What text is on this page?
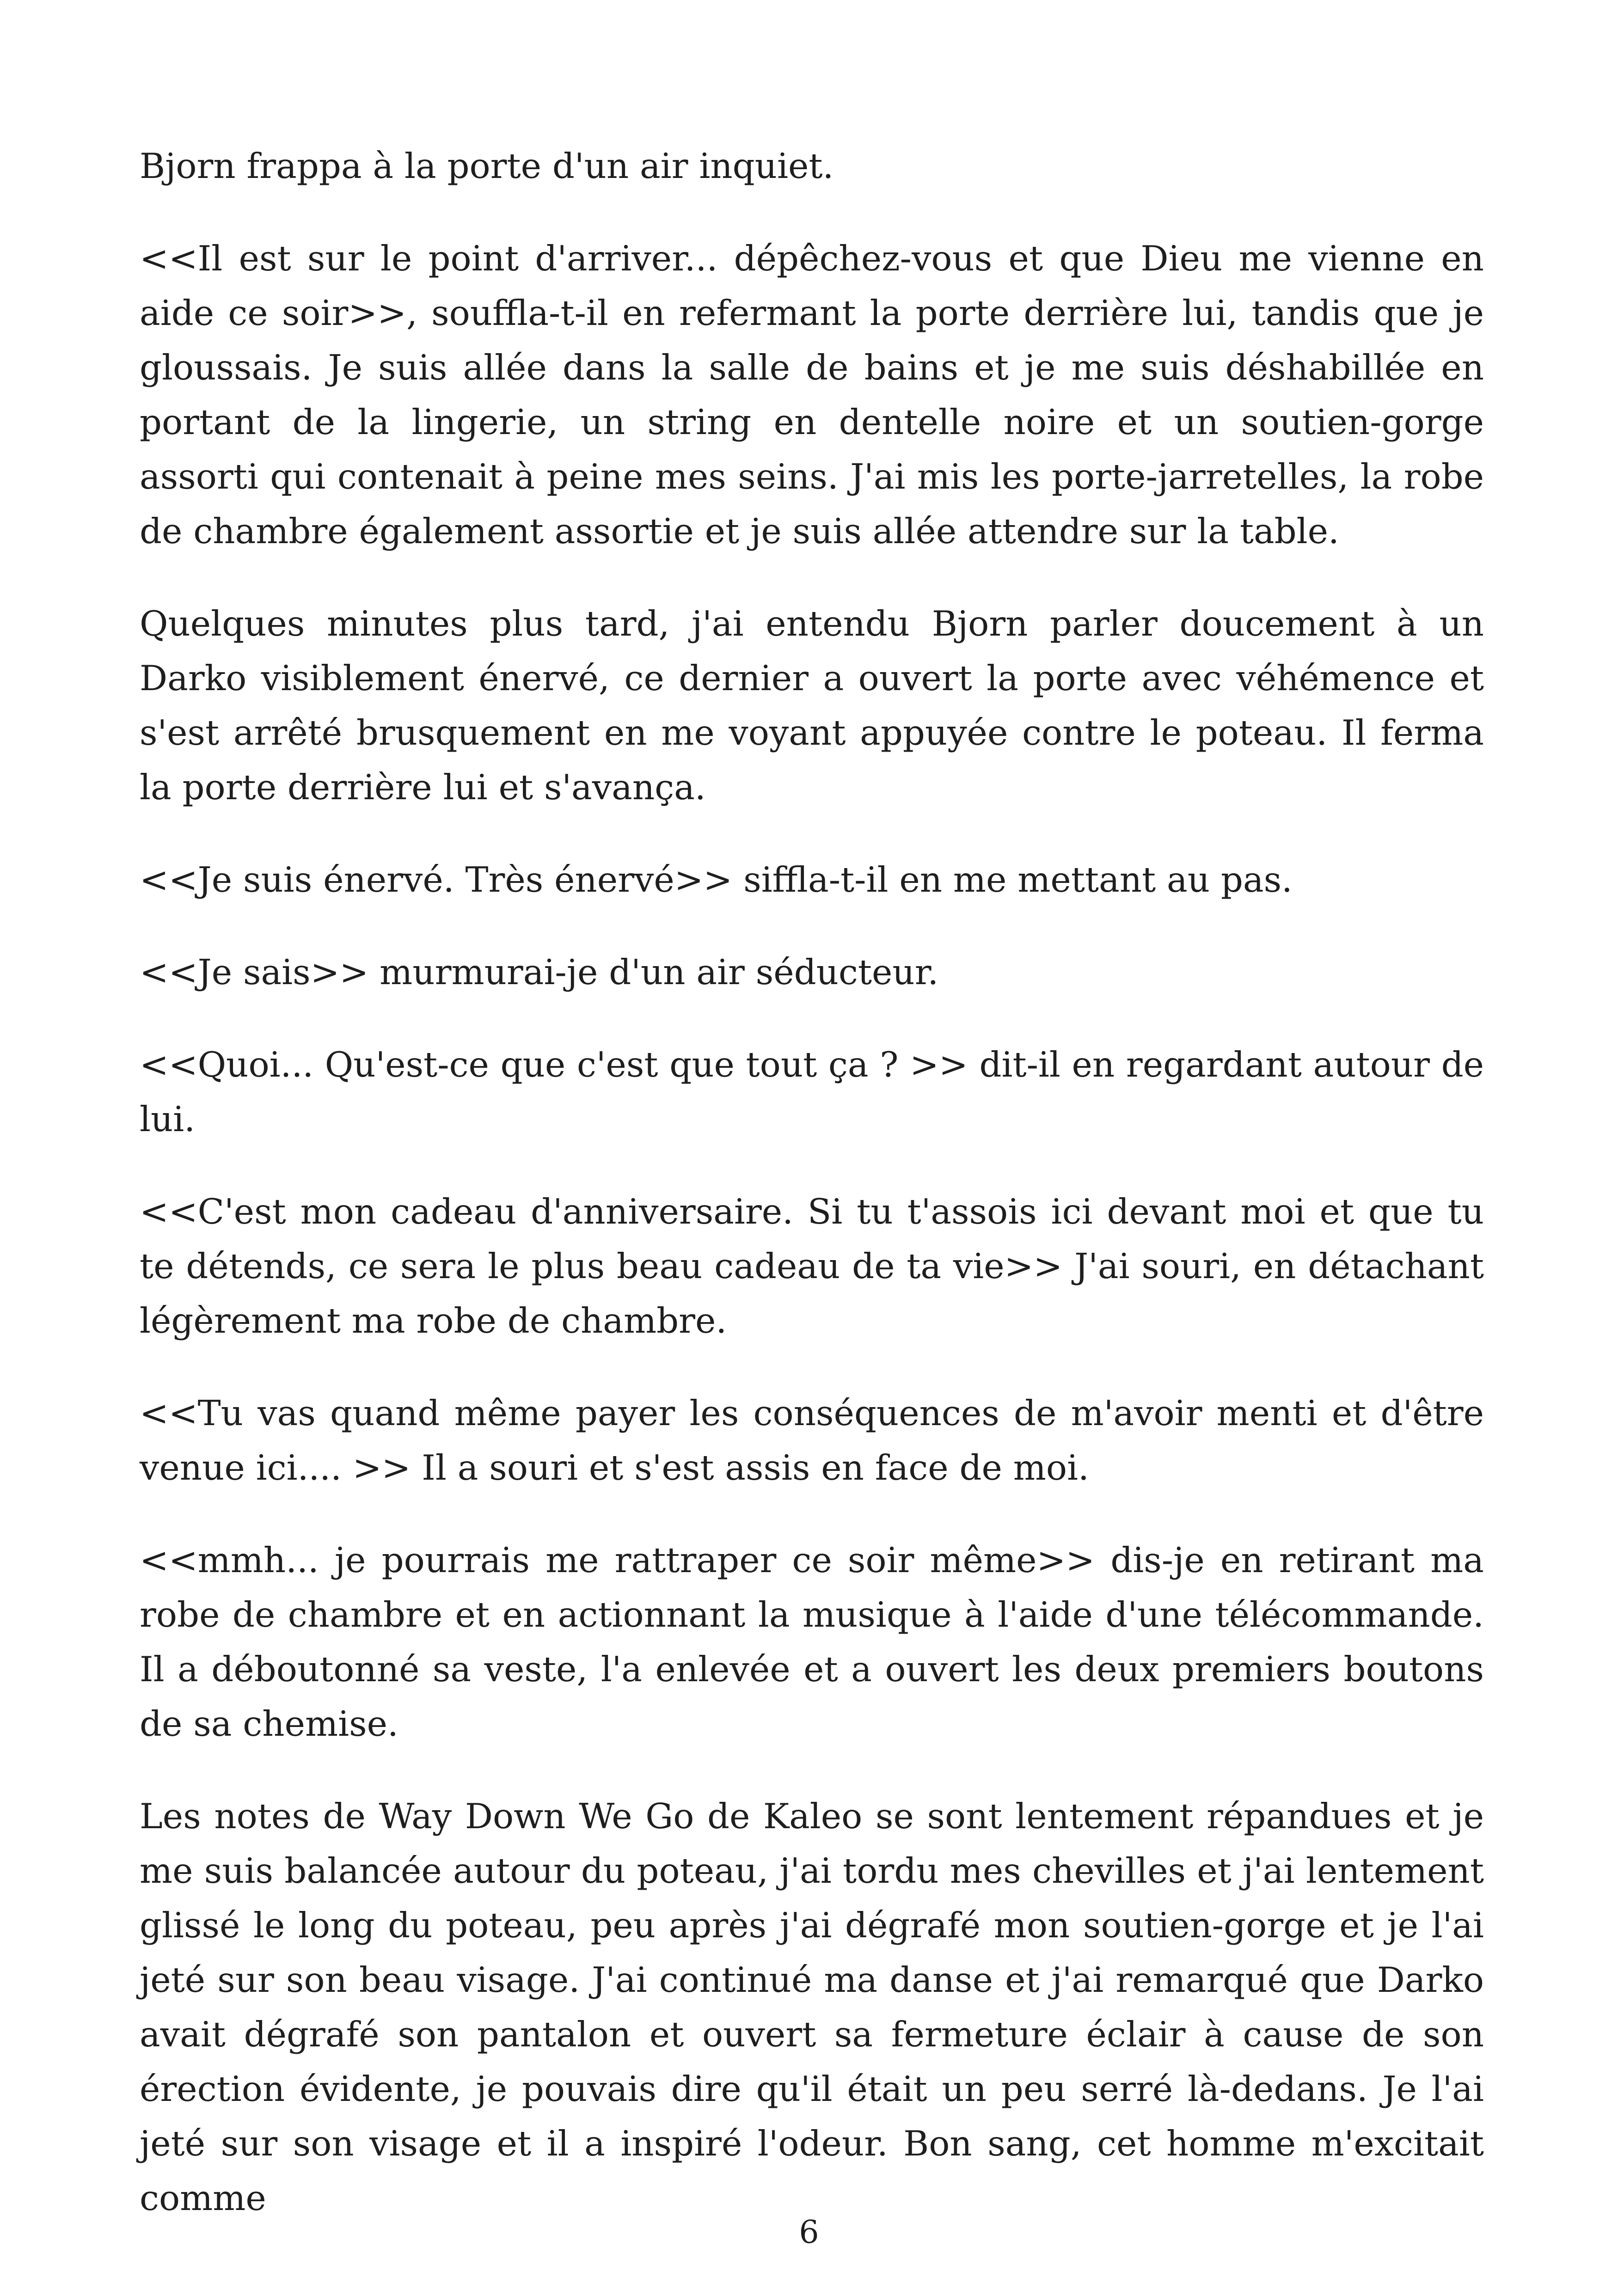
Bjorn frappa à la porte d'un air inquiet.

<<Il est sur le point d'arriver... dépêchez-vous et que Dieu me vienne en aide ce soir>>, souffla-t-il en refermant la porte derrière lui, tandis que je gloussais. Je suis allée dans la salle de bains et je me suis déshabillée en portant de la lingerie, un string en dentelle noire et un soutien-gorge assorti qui contenait à peine mes seins. J'ai mis les porte-jarretelles, la robe de chambre également assortie et je suis allée attendre sur la table.

Quelques minutes plus tard, j'ai entendu Bjorn parler doucement à un Darko visiblement énervé, ce dernier a ouvert la porte avec véhémence et s'est arrêté brusquement en me voyant appuyée contre le poteau. Il ferma la porte derrière lui et s'avança.

<<Je suis énervé. Très énervé>> siffla-t-il en me mettant au pas.

<<Je sais>> murmurai-je d'un air séducteur.

<<Quoi... Qu'est-ce que c'est que tout ça ? >> dit-il en regardant autour de lui.

<<C'est mon cadeau d'anniversaire. Si tu t'assois ici devant moi et que tu te détends, ce sera le plus beau cadeau de ta vie>> J'ai souri, en détachant légèrement ma robe de chambre.

<<Tu vas quand même payer les conséquences de m'avoir menti et d'être venue ici.... >> Il a souri et s'est assis en face de moi.

<<mmh... je pourrais me rattraper ce soir même>> dis-je en retirant ma robe de chambre et en actionnant la musique à l'aide d'une télécommande. Il a déboutonné sa veste, l'a enlevée et a ouvert les deux premiers boutons de sa chemise.

Les notes de Way Down We Go de Kaleo se sont lentement répandues et je me suis balancée autour du poteau, j'ai tordu mes chevilles et j'ai lentement glissé le long du poteau, peu après j'ai dégrafé mon soutien-gorge et je l'ai jeté sur son beau visage. J'ai continué ma danse et j'ai remarqué que Darko avait dégrafé son pantalon et ouvert sa fermeture éclair à cause de son érection évidente, je pouvais dire qu'il était un peu serré là-dedans. Je l'ai jeté sur son visage et il a inspiré l'odeur. Bon sang, cet homme m'excitait comme

6
